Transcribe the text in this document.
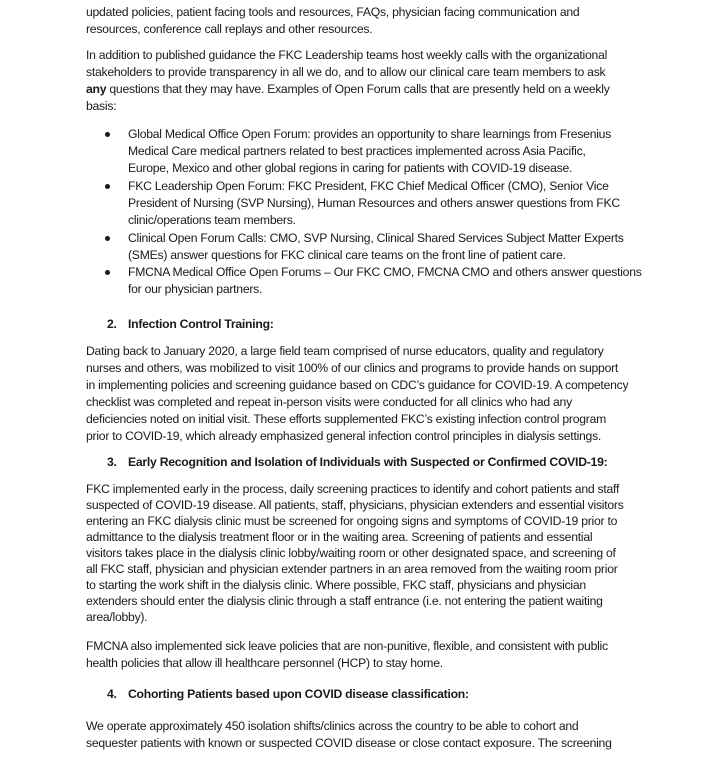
updated policies, patient facing tools and resources, FAQs, physician facing communication and
resources, conference call replays and other resources.
In addition to published guidance the FKC Leadership teams host weekly calls with the organizational
stakeholders to provide transparency in all we do, and to allow our clinical care team members to ask
any questions that they may have. Examples of Open Forum calls that are presently held on a weekly
basis:
Global Medical Office Open Forum: provides an opportunity to share learnings from Fresenius
Medical Care medical partners related to best practices implemented across Asia Pacific,
Europe, Mexico and other global regions in caring for patients with COVID-19 disease.
FKC Leadership Open Forum: FKC President, FKC Chief Medical Officer (CMO), Senior Vice
President of Nursing (SVP Nursing), Human Resources and others answer questions from FKC
clinic/operations team members.
Clinical Open Forum Calls: CMO, SVP Nursing, Clinical Shared Services Subject Matter Experts
(SMEs) answer questions for FKC clinical care teams on the front line of patient care.
FMCNA Medical Office Open Forums – Our FKC CMO, FMCNA CMO and others answer questions
for our physician partners.
2. Infection Control Training:
Dating back to January 2020, a large field team comprised of nurse educators, quality and regulatory
nurses and others, was mobilized to visit 100% of our clinics and programs to provide hands on support
in implementing policies and screening guidance based on CDC’s guidance for COVID-19. A competency
checklist was completed and repeat in-person visits were conducted for all clinics who had any
deficiencies noted on initial visit. These efforts supplemented FKC’s existing infection control program
prior to COVID-19, which already emphasized general infection control principles in dialysis settings.
3. Early Recognition and Isolation of Individuals with Suspected or Confirmed COVID-19:
FKC implemented early in the process, daily screening practices to identify and cohort patients and staff
suspected of COVID-19 disease. All patients, staff, physicians, physician extenders and essential visitors
entering an FKC dialysis clinic must be screened for ongoing signs and symptoms of COVID-19 prior to
admittance to the dialysis treatment floor or in the waiting area. Screening of patients and essential
visitors takes place in the dialysis clinic lobby/waiting room or other designated space, and screening of
all FKC staff, physician and physician extender partners in an area removed from the waiting room prior
to starting the work shift in the dialysis clinic. Where possible, FKC staff, physicians and physician
extenders should enter the dialysis clinic through a staff entrance (i.e. not entering the patient waiting
area/lobby).
FMCNA also implemented sick leave policies that are non-punitive, flexible, and consistent with public
health policies that allow ill healthcare personnel (HCP) to stay home.
4. Cohorting Patients based upon COVID disease classification:
We operate approximately 450 isolation shifts/clinics across the country to be able to cohort and
sequester patients with known or suspected COVID disease or close contact exposure. The screening
